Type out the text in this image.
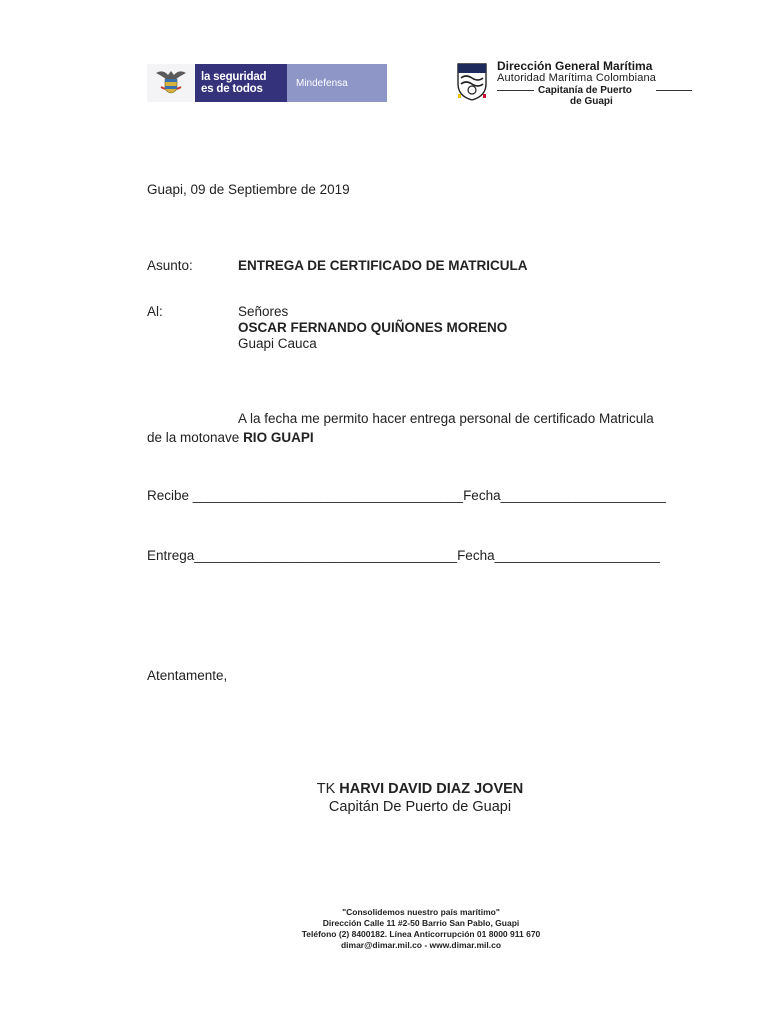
la seguridad
es de todos	Mindefensa
Dirección General Marítima
Autoridad Marítima Colombiana
Capitanía de Puerto
de Guapi
Guapi, 09 de Septiembre de 2019
Asunto:	ENTREGA DE CERTIFICADO DE MATRICULA
Al:	Señores
OSCAR FERNANDO QUIÑONES MORENO
Guapi Cauca
A la fecha me permito hacer entrega personal de certificado Matricula
de la motonave RIO GUAPI
Recibe ____________________________________Fecha______________________
Entrega___________________________________Fecha______________________
Atentamente,
TK HARVI DAVID DIAZ JOVEN
Capitán De Puerto de Guapi
"Consolidemos nuestro país marítimo"
Dirección Calle 11 #2-50 Barrio San Pablo, Guapi
Teléfono (2) 8400182. Línea Anticorrupción 01 8000 911 670
dimar@dimar.mil.co - www.dimar.mil.co
